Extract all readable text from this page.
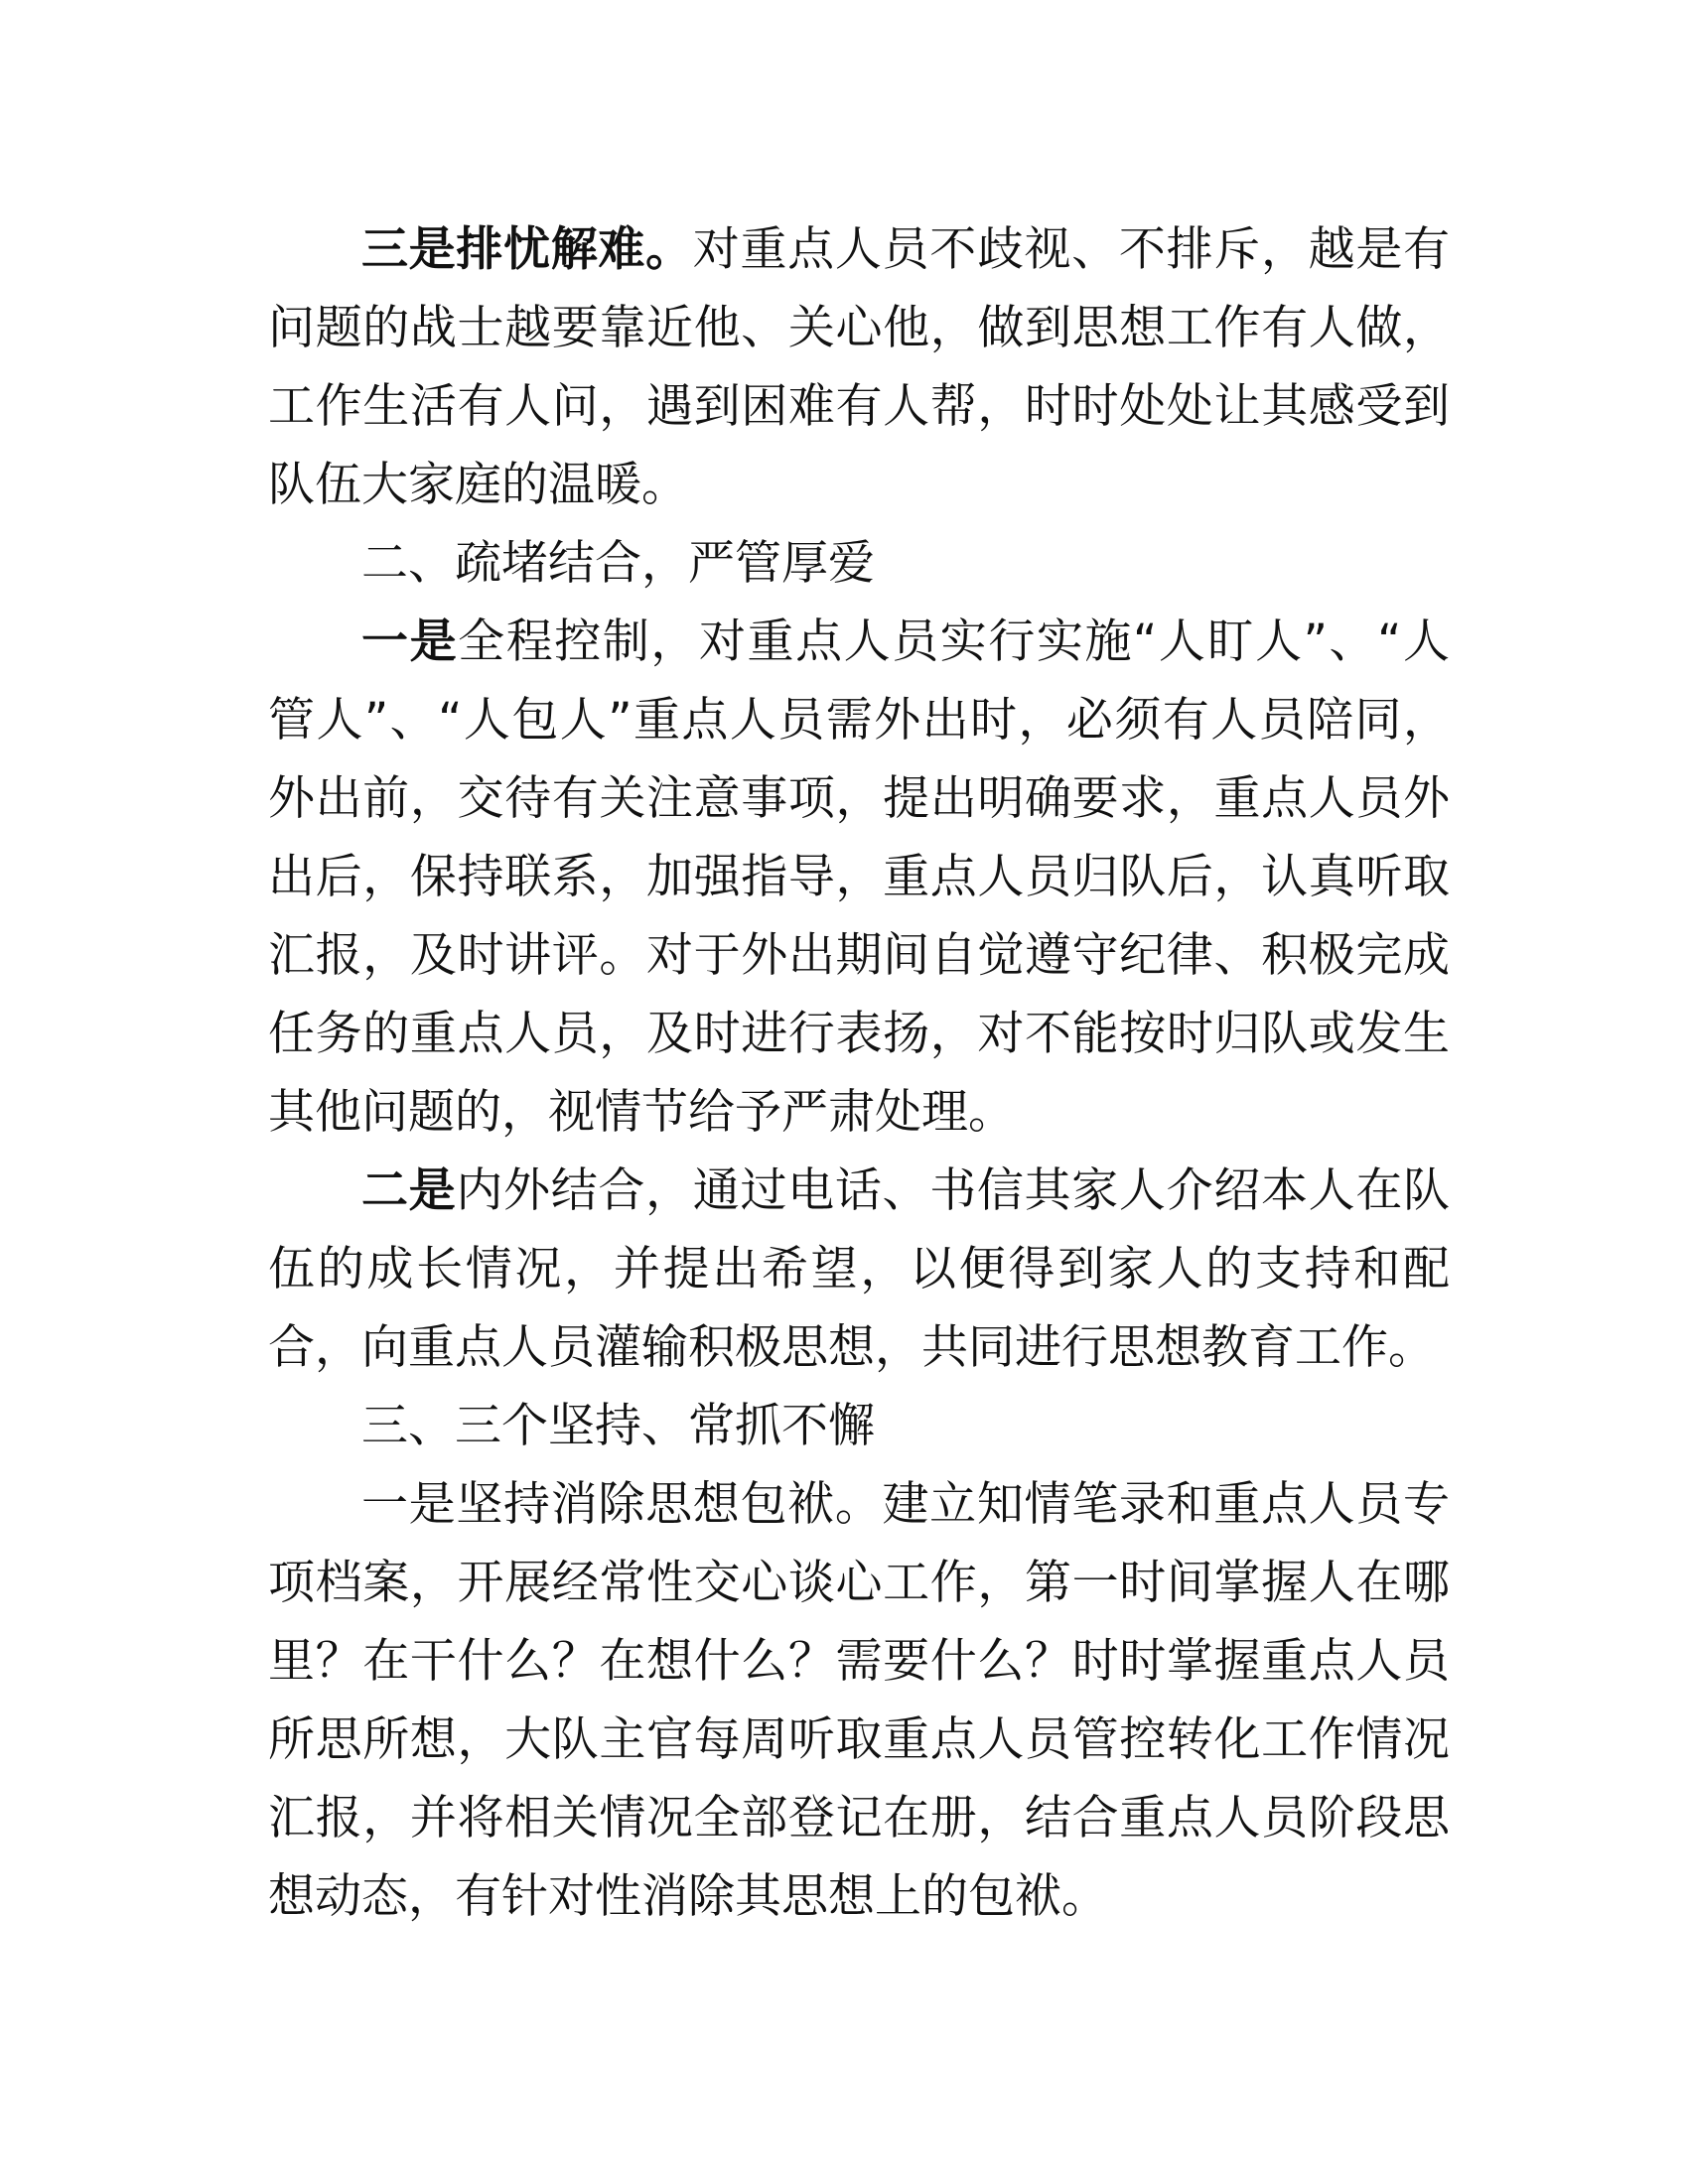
三是排忧解难。对重点人员不歧视、不排斥，越是有问题的战士越要靠近他、关心他，做到思想工作有人做，工作生活有人问，遇到困难有人帮，时时处处让其感受到队伍大家庭的温暖。

二、疏堵结合，严管厚爱

一是全程控制，对重点人员实行实施“人盯人”、“人管人”、“人包人”重点人员需外出时，必须有人员陪同，外出前，交待有关注意事项，提出明确要求，重点人员外出后，保持联系，加强指导，重点人员归队后，认真听取汇报，及时讲评。对于外出期间自觉遵守纪律、积极完成任务的重点人员，及时进行表扬，对不能按时归队或发生其他问题的，视情节给予严肃处理。

二是内外结合，通过电话、书信其家人介绍本人在队伍的成长情况，并提出希望，以便得到家人的支持和配合，向重点人员灌输积极思想，共同进行思想教育工作。

三、三个坚持、常抓不懈

一是坚持消除思想包袱。建立知情笔录和重点人员专项档案，开展经常性交心谈心工作，第一时间掌握人在哪里？在干什么？在想什么？需要什么？时时掌握重点人员所思所想，大队主官每周听取重点人员管控转化工作情况汇报，并将相关情况全部登记在册，结合重点人员阶段思想动态，有针对性消除其思想上的包袱。
